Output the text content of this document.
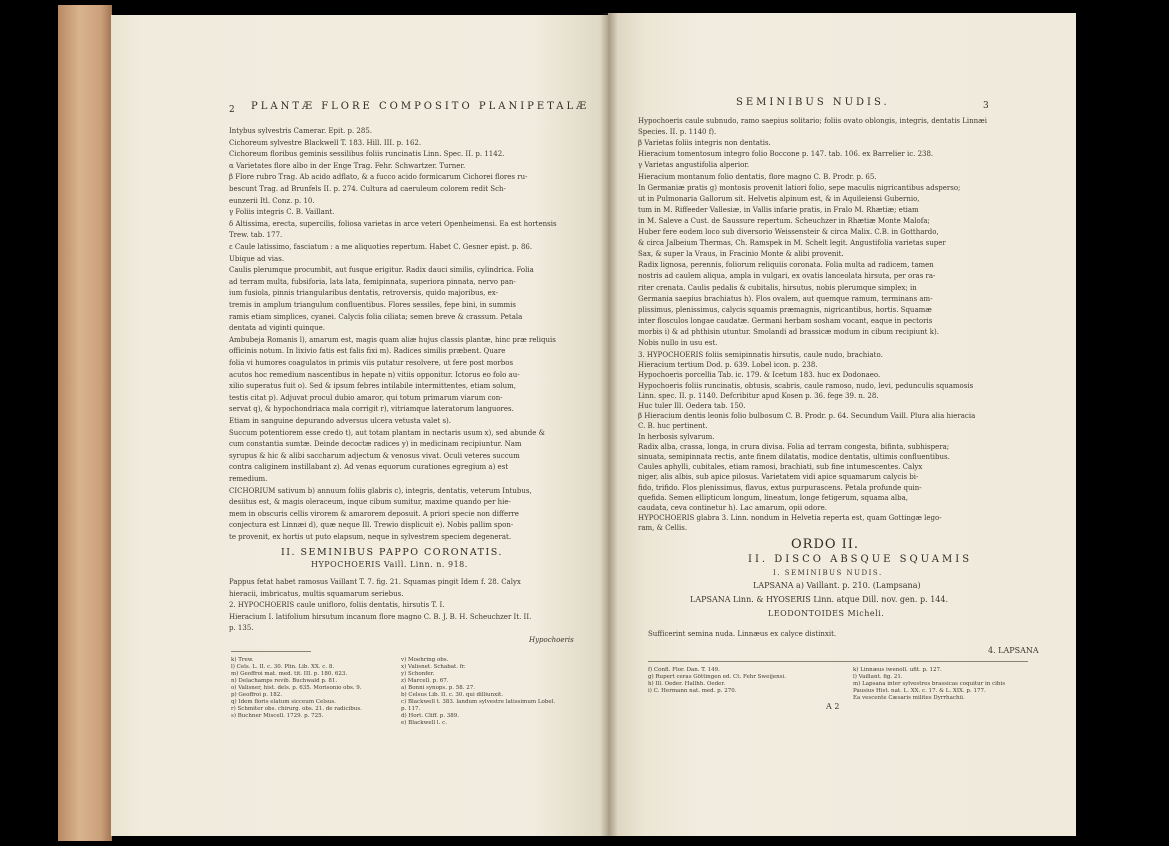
2 PLANTÆ FLORE COMPOSITO PLANIPETALÆ
Intybus sylvestris Camerar. Epit. p. 285.
Cichoreum sylvestre Blackwell T. 183. Hill. III. p. 162.
Cichoreum floribus geminis sessilibus foliis runcinatis Linn. Spec. II. p. 1142.
α Varietates flore albo in der Enge Trag. Fehr. Schwartzer. Turner.
β Flore rubro Trag. Ab acido adflato, & a fucco acido formicarum Cichorei flores ru-
bescunt Trag. ad Brunfels II. p. 274. Cultura ad caeruleum colorem redit Sch-
eunzerii Itl. Conz. p. 10.
γ Foliis integris C. B. Vaillant.
δ Altissima, erecta, supercilis, foliosa varietas in arce veteri Openheimensi. Ea est hortensis
Trew. tab. 177.
ε Caule latissimo, fasciatum : a me aliquoties repertum. Habet C. Gesner epist. p. 86.
Ubique ad vias.
Caulis plerumque procumbit, aut fusque erigitur. Radix dauci similis, cylindrica. Folia
ad terram multa, fubsiforia, lata lata, femipinnata, superiora pinnata, nervo pan-
ium fusiola, pinnis triangularibus dentatis, retroversis, quido majoribus, ex-
tremis in amplum triangulum confluentibus. Flores sessiles, fepe bini, in summis
ramis etiam simplices, cyanei. Calycis folia ciliata; semen breve & crassum. Petala
dentata ad viginti quinque.
Ambubeja Romanis l), amarum est, magis quam aliæ hujus classis plantæ, hinc præ reliquis
officinis notum. In lixivio fatis est falis fixi m). Radices similis præbent. Quare
folia vi humores coagulatos in primis viis putatur resolvere, ut fere post morbos
acutos hoc remedium nascentibus in hepate n) vitiis opponitur. Ictorus eo folo au-
xilio superatus fuit o). Sed & ipsum febres intilabile intermittentes, etiam solum,
testis citat p). Adjuvat procul dubio amaror, qui totum primarum viarum con-
servat q), & hypochondriaca mala corrigit r), vitriamque lateratorum languores.
Etiam in sanguine depurando adversus ulcera vetusta valet s).
Succum potentiorem esse credo t), aut totam plantam in nectaris usum x), sed abunde &
cum constantia sumtæ. Deinde decoctæ radices y) in medicinam recipiuntur. Nam
syrupus & hic & alibi saccharum adjectum & venosus vivat. Oculi veteres succum
contra caliginem instillabant z). Ad venas equorum curationes egregium a) est
remedium.
CICHORIUM sativum b) annuum foliis glabris c), integris, dentatis, veterum Intubus,
desiitus est, & magis oleraceum, inque cibum sumitur, maxime quando per hie-
mem in obscuris cellis virorem & amarorem deposuit. A priori specie non differre
conjectura est Linnæi d), quæ neque Ill. Trewio displicuit e). Nobis pallim spon-
te provenit, ex hortis ut puto elapsum, neque in sylvestrem speciem degenerat.
II. SEMINIBUS PAPPO CORONATIS.
HYPOCHOERIS Vaill. Linn. n. 918.
Pappus fetat habet ramosus Vaillant T. 7. fig. 21. Squamas pingit Idem f. 28. Calyx
hieracii, imbricatus, multis squamarum seriebus.
2. HYPOCHOERIS caule unifloro, foliis dentatis, hirsutis T. I.
Hieracium I. latifolium hirsutum incanum flore magno C. B. J. B. H. Scheuchzer It. II.
p. 135.
Hypochoeris
k) Trew.
l) Cels. L. II. c. 30. Plin. Lib. XX. c. 8.
m) Geoffroi mat. med. tit. III. p. 180. 623.
n) Delachamps revib. Buchwald p. 81.
o) Valisner, hist. dels. p. 635. Morisonio obs. 9.
p) Geoffroi p. 182.
q) Idem floris elatum sicceum Celsus.
r) Schmiter obs. chirurg. obs. 21. de radicibus.
s) Buchner Miscell. 1729. p. 725.
v) Moehring obs.
x) Valisnet. Schabat. fr.
y) Schonfer.
z) Marcell. p. 67.
a) Bonni synops. p. 58. 27.
b) Celsus Lib. II. c. 30. qui dilliunxit.
c) Blackwell t. 383. landum sylvestre latissimum Lobel.
p. 117.
d) Hort. Cliff. p. 389.
e) Blackwell l. c.
SEMINIBUS NUDIS.	3
Hypochoeris caule subnudo, ramo saepius solitario; foliis ovato oblongis, integris, dentatis Linnæi
Species. II. p. 1140 f).
β Varietas foliis integris non dentatis.
Hieracium tomentosum integro folio Boccone p. 147. tab. 106. ex Barrelier ic. 238.
γ Varietas angustifolia alperior.
Hieracium montanum folio dentatis, flore magno C. B. Prodr. p. 65.
In Germaniæ pratis g) montosis provenit latiori folio, sepe maculis nigricantibus adsperso;
ut in Pulmonaria Gallorum sit. Helvetis alpinum est, & in Aquileiensi Gubernio,
tum in M. Riffeeder Vallesiæ, in Vallis infarie pratis, in Fralo M. Rhætiæ; etiam
in M. Saleve a Cust. de Saussure repertum. Scheuchzer in Rhætiæ Monte Malofa;
Huber fere eodem loco sub diversorio Weissensteir & circa Malix. C.B. in Gotthardo,
& circa Jalbeium Thermas, Ch. Ramspek in M. Schelt legit. Angustifolia varietas super
Sax, & super la Vraus, in Fracinio Monte & alibi provenit.
Radix lignosa, perennis, foliorum reliquiis coronata. Folia multa ad radicem, tamen
nostris ad caulem aliqua, ampla in vulgari, ex ovatis lanceolata hirsuta, per oras ra-
riter crenata. Caulis pedalis & cubitalis, hirsutus, nobis plerumque simplex; in
Germania saepius brachiatus h). Flos ovalem, aut quemque ramum, terminans am-
plissimus, plenissimus, calycis squamis præmagnis, nigricantibus, hortis. Squamæ
inter flosculos longae caudatæ. Germani herbam sosham vocant, eaque in pectoris
morbis i) & ad phthisin utuntur. Smolandi ad brassicæ modum in cibum recipiunt k).
Nobis nullo in usu est.
3. HYPOCHOERIS foliis semipinnatis hirsutis, caule nudo, brachiato.
Hieracium tertium Dod. p. 639. Lobel icon. p. 238.
Hypochoeris porcellia Tab. ic. 179. & Icetum 183. huc ex Dodonaeo.
Hypochoeris foliis runcinatis, obtusis, scabris, caule ramoso, nudo, levi, pedunculis squamosis
Linn. spec. II. p. 1140. Defcribitur apud Kosen p. 36. fege 39. n. 28.
Huc tuler Ill. Oedera tab. 150.
β Hieracium dentis leonis folio bulbosum C. B. Prodr. p. 64. Secundum Vaill. Plura alia hieracia
C. B. huc pertinent.
In herbosis sylvarum.
Radix alba, crassa, longa, in crura divisa. Folia ad terram congesta, bifinta, subhispera;
sinuata, semipinnata rectis, ante finem dilatatis, modice dentatis, ultimis confluentibus.
Caules aphylli, cubitales, etiam ramosi, brachiati, sub fine intumescentes. Calyx
niger, alis albis, sub apice pilosus. Varietatem vidi apice squamarum calycis bi-
fido, trifido. Flos plenissimus, flavus, extus purpurascens. Petala profunde quin-
quefida. Semen ellipticum longum, lineatum, longe fetigerum, squama alba,
caudata, ceva continetur h). Lac amarum, opii odore.
HYPOCHOERIS glabra 3. Linn. nondum in Helvetia reperta est, quam Gottingæ lego-
ram, & Cellis.
ORDO II.
II. DISCO ABSQUE SQUAMIS
I. SEMINIBUS NUDIS.
LAPSANA a) Vaillant. p. 210. (Lampsana)
LAPSANA Linn. & HYOSERIS Linn. atque Dill. nov. gen. p. 144.
LEODONTOIDES Micheli.
Sufficerint semina nuda. Linnæus ex calyce distinxit.
4. LAPSANA
f) Confl. Flor. Dan. T. 149.
g) Rupert ceras Göttingen ed. Ct. Fehr Sweijensi.
h) Ill. Oeder. Hallhh. Oeder.
i) C. Hermann nat. med. p. 270.
k) Linnæus iwenoll. ufit. p. 127.
l) Vaillant. fig. 21.
m) Lapsana inter sylvestres brassicas coquitur in cibis
Pausius Hist. nat. L. XX. c. 17. & L. XIX. p. 177.
Ea vescente Cæsaris milites Dyrrhachii.
A 2
